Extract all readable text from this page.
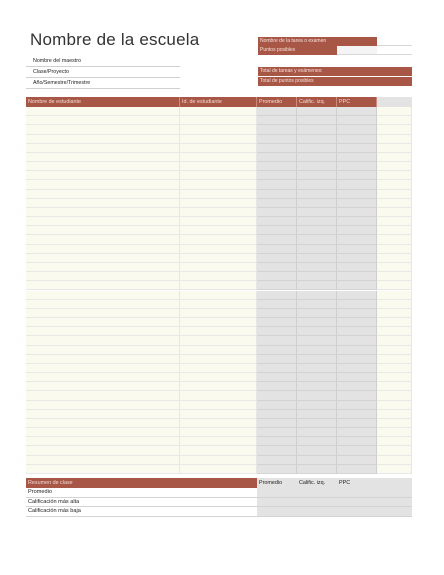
Nombre de la escuela
Nombre del maestro
Clase/Proyecto
Año/Semestre/Trimestre
Nombre de la tarea o examen
Puntos posibles
Total de tareas y exámenes:
Total de puntos posibles
Nombre de estudiante	Id. de estudiante	Promedio	Calific. izq.	PPC
Resumen de clase	Promedio	Calific. izq.	PPC
Promedio
Calificación más alta
Calificación más baja
